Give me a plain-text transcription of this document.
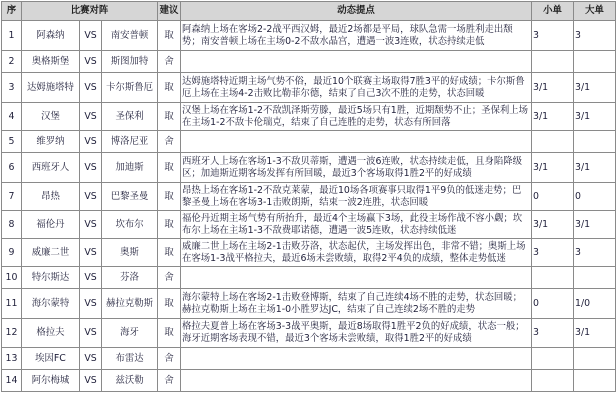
序	比赛对阵			建议	动态提点	小单	大单
1	阿森纳	VS	南安普顿	取	阿森纳上场在客场2-2战平西汉姆，最近2场都是平局，球队急需一场胜利走出颓势；南安普顿上场在主场0-2不敌水晶宫，遭遇一波3连败，状态持续走低	3	3
2	奥格斯堡	VS	斯图加特	舍			
3	达姆施塔特	VS	卡尔斯鲁厄	取	达姆施塔特近期主场气势不俗，最近10个联赛主场取得7胜3平的好成绩；卡尔斯鲁厄上场在主场4-2击败比勒菲尔德，结束了自己3次不胜的走势，状态回暖	3/1	3/1
4	汉堡	VS	圣保利	取	汉堡上场在客场1-2不敌凯泽斯劳滕，最近5场只有1胜，近期颓势不止；圣保利上场在主场1-2不敌卡伦瑞克，结束了自己连胜的走势，状态有所回落	3/1	3/1
5	维罗纳	VS	博洛尼亚	舍			
6	西班牙人	VS	加迪斯	取	西班牙人上场在客场1-3不敌贝蒂斯，遭遇一波6连败，状态持续走低，且身陷降级区；加迪斯近期客场发挥有所回暖，最近3个客场取得1胜2平的好成绩	3/1	3/1
7	昂热	VS	巴黎圣曼	取	昂热上场在客场1-2不敌克莱蒙，最近10场各项赛事只取得1平9负的低迷走势；巴黎圣曼上场在客场3-1击败朗斯，结束一波2连胜，状态回暖	0	0
8	福伦丹	VS	坎布尔	取	福伦丹近期主场气势有所抬升，最近4个主场赢下3场，此役主场作战不容小觑；坎布尔上场在主场1-3不敌费耶诺德，遭遇一波5连败，状态持续低迷	3/1	3/1
9	威廉二世	VS	奥斯	取	威廉二世上场在主场2-1击败芬洛，状态起伏，主场发挥出色，非常不错；奥斯上场在客场1-3战平格拉夫，最近6场未尝败绩，取得2平4负的成绩，整体走势低迷	3	3
10	特尔斯达	VS	芬洛	舍			
11	海尔蒙特	VS	赫拉克勒斯	取	海尔蒙特上场在客场2-1击败登博斯，结束了自己连续4场不胜的走势，状态回暖；赫拉克勒斯上场在主场1-0小胜罗达JC，结束了自己连续2场不胜的走势	0	1/0
12	格拉夫	VS	海牙	取	格拉夫夏普上场在客场3-3战平奥斯，最近8场取得1胜平2负的好成绩，状态一般；海牙近期客场表现不错，最近3个客场未尝败绩，取得1胜2平的好成绩	3	3/1
13	埃因FC	VS	布雷达	舍			
14	阿尔梅城	VS	兹沃勒	舍			
